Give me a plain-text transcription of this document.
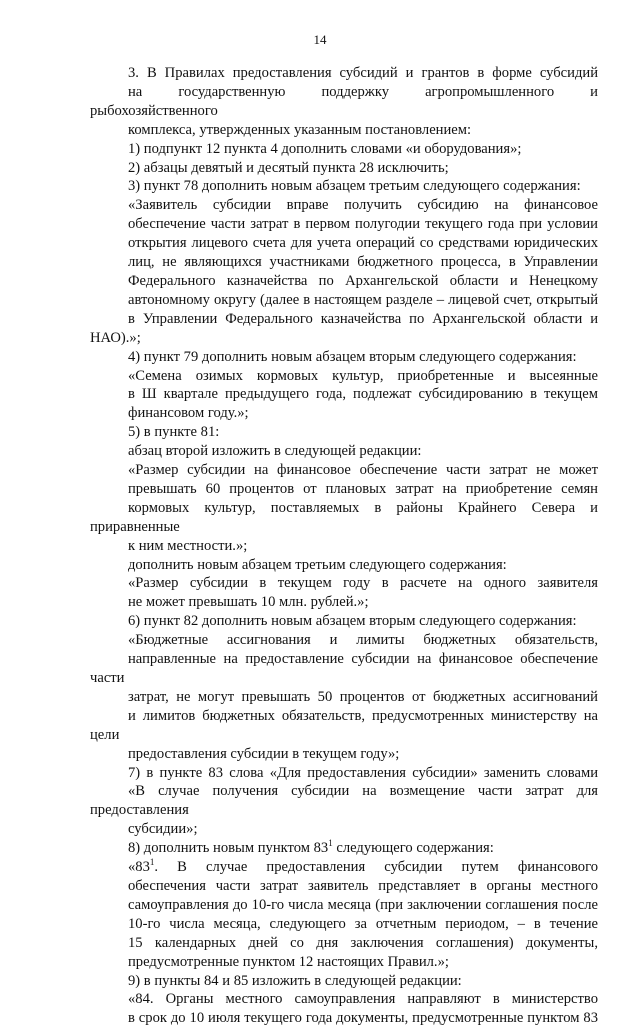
14
3. В Правилах предоставления субсидий и грантов в форме субсидий
на государственную поддержку агропромышленного и рыбохозяйственного
комплекса, утвержденных указанным постановлением:
1) подпункт 12 пункта 4 дополнить словами «и оборудования»;
2) абзацы девятый и десятый пункта 28 исключить;
3) пункт 78 дополнить новым абзацем третьим следующего содержания:
«Заявитель субсидии вправе получить субсидию на финансовое
обеспечение части затрат в первом полугодии текущего года при условии
открытия лицевого счета для учета операций со средствами юридических
лиц, не являющихся участниками бюджетного процесса, в Управлении
Федерального казначейства по Архангельской области и Ненецкому
автономному округу (далее в настоящем разделе – лицевой счет, открытый
в Управлении Федерального казначейства по Архангельской области и НАО).»;
4) пункт 79 дополнить новым абзацем вторым следующего содержания:
«Семена озимых кормовых культур, приобретенные и высеянные
в Ш квартале предыдущего года, подлежат субсидированию в текущем
финансовом году.»;
5) в пункте 81:
абзац второй изложить в следующей редакции:
«Размер субсидии на финансовое обеспечение части затрат не может
превышать 60 процентов от плановых затрат на приобретение семян
кормовых культур, поставляемых в районы Крайнего Севера и приравненные
к ним местности.»;
дополнить новым абзацем третьим следующего содержания:
«Размер субсидии в текущем году в расчете на одного заявителя
не может превышать 10 млн. рублей.»;
6) пункт 82 дополнить новым абзацем вторым следующего содержания:
«Бюджетные ассигнования и лимиты бюджетных обязательств,
направленные на предоставление субсидии на финансовое обеспечение части
затрат, не могут превышать 50 процентов от бюджетных ассигнований
и лимитов бюджетных обязательств, предусмотренных министерству на цели
предоставления субсидии в текущем году»;
7) в пункте 83 слова «Для предоставления субсидии» заменить словами
«В случае получения субсидии на возмещение части затрат для предоставления
субсидии»;
8) дополнить новым пунктом $83^1$ следующего содержания:
«$83^1$. В случае предоставления субсидии путем финансового
обеспечения части затрат заявитель представляет в органы местного
самоуправления до 10-го числа месяца (при заключении соглашения после
10-го числа месяца, следующего за отчетным периодом, – в течение
15 календарных дней со дня заключения соглашения) документы,
предусмотренные пунктом 12 настоящих Правил.»;
9) в пункты 84 и 85 изложить в следующей редакции:
«84. Органы местного самоуправления направляют в министерство
в срок до 10 июля текущего года документы, предусмотренные пунктом 83
